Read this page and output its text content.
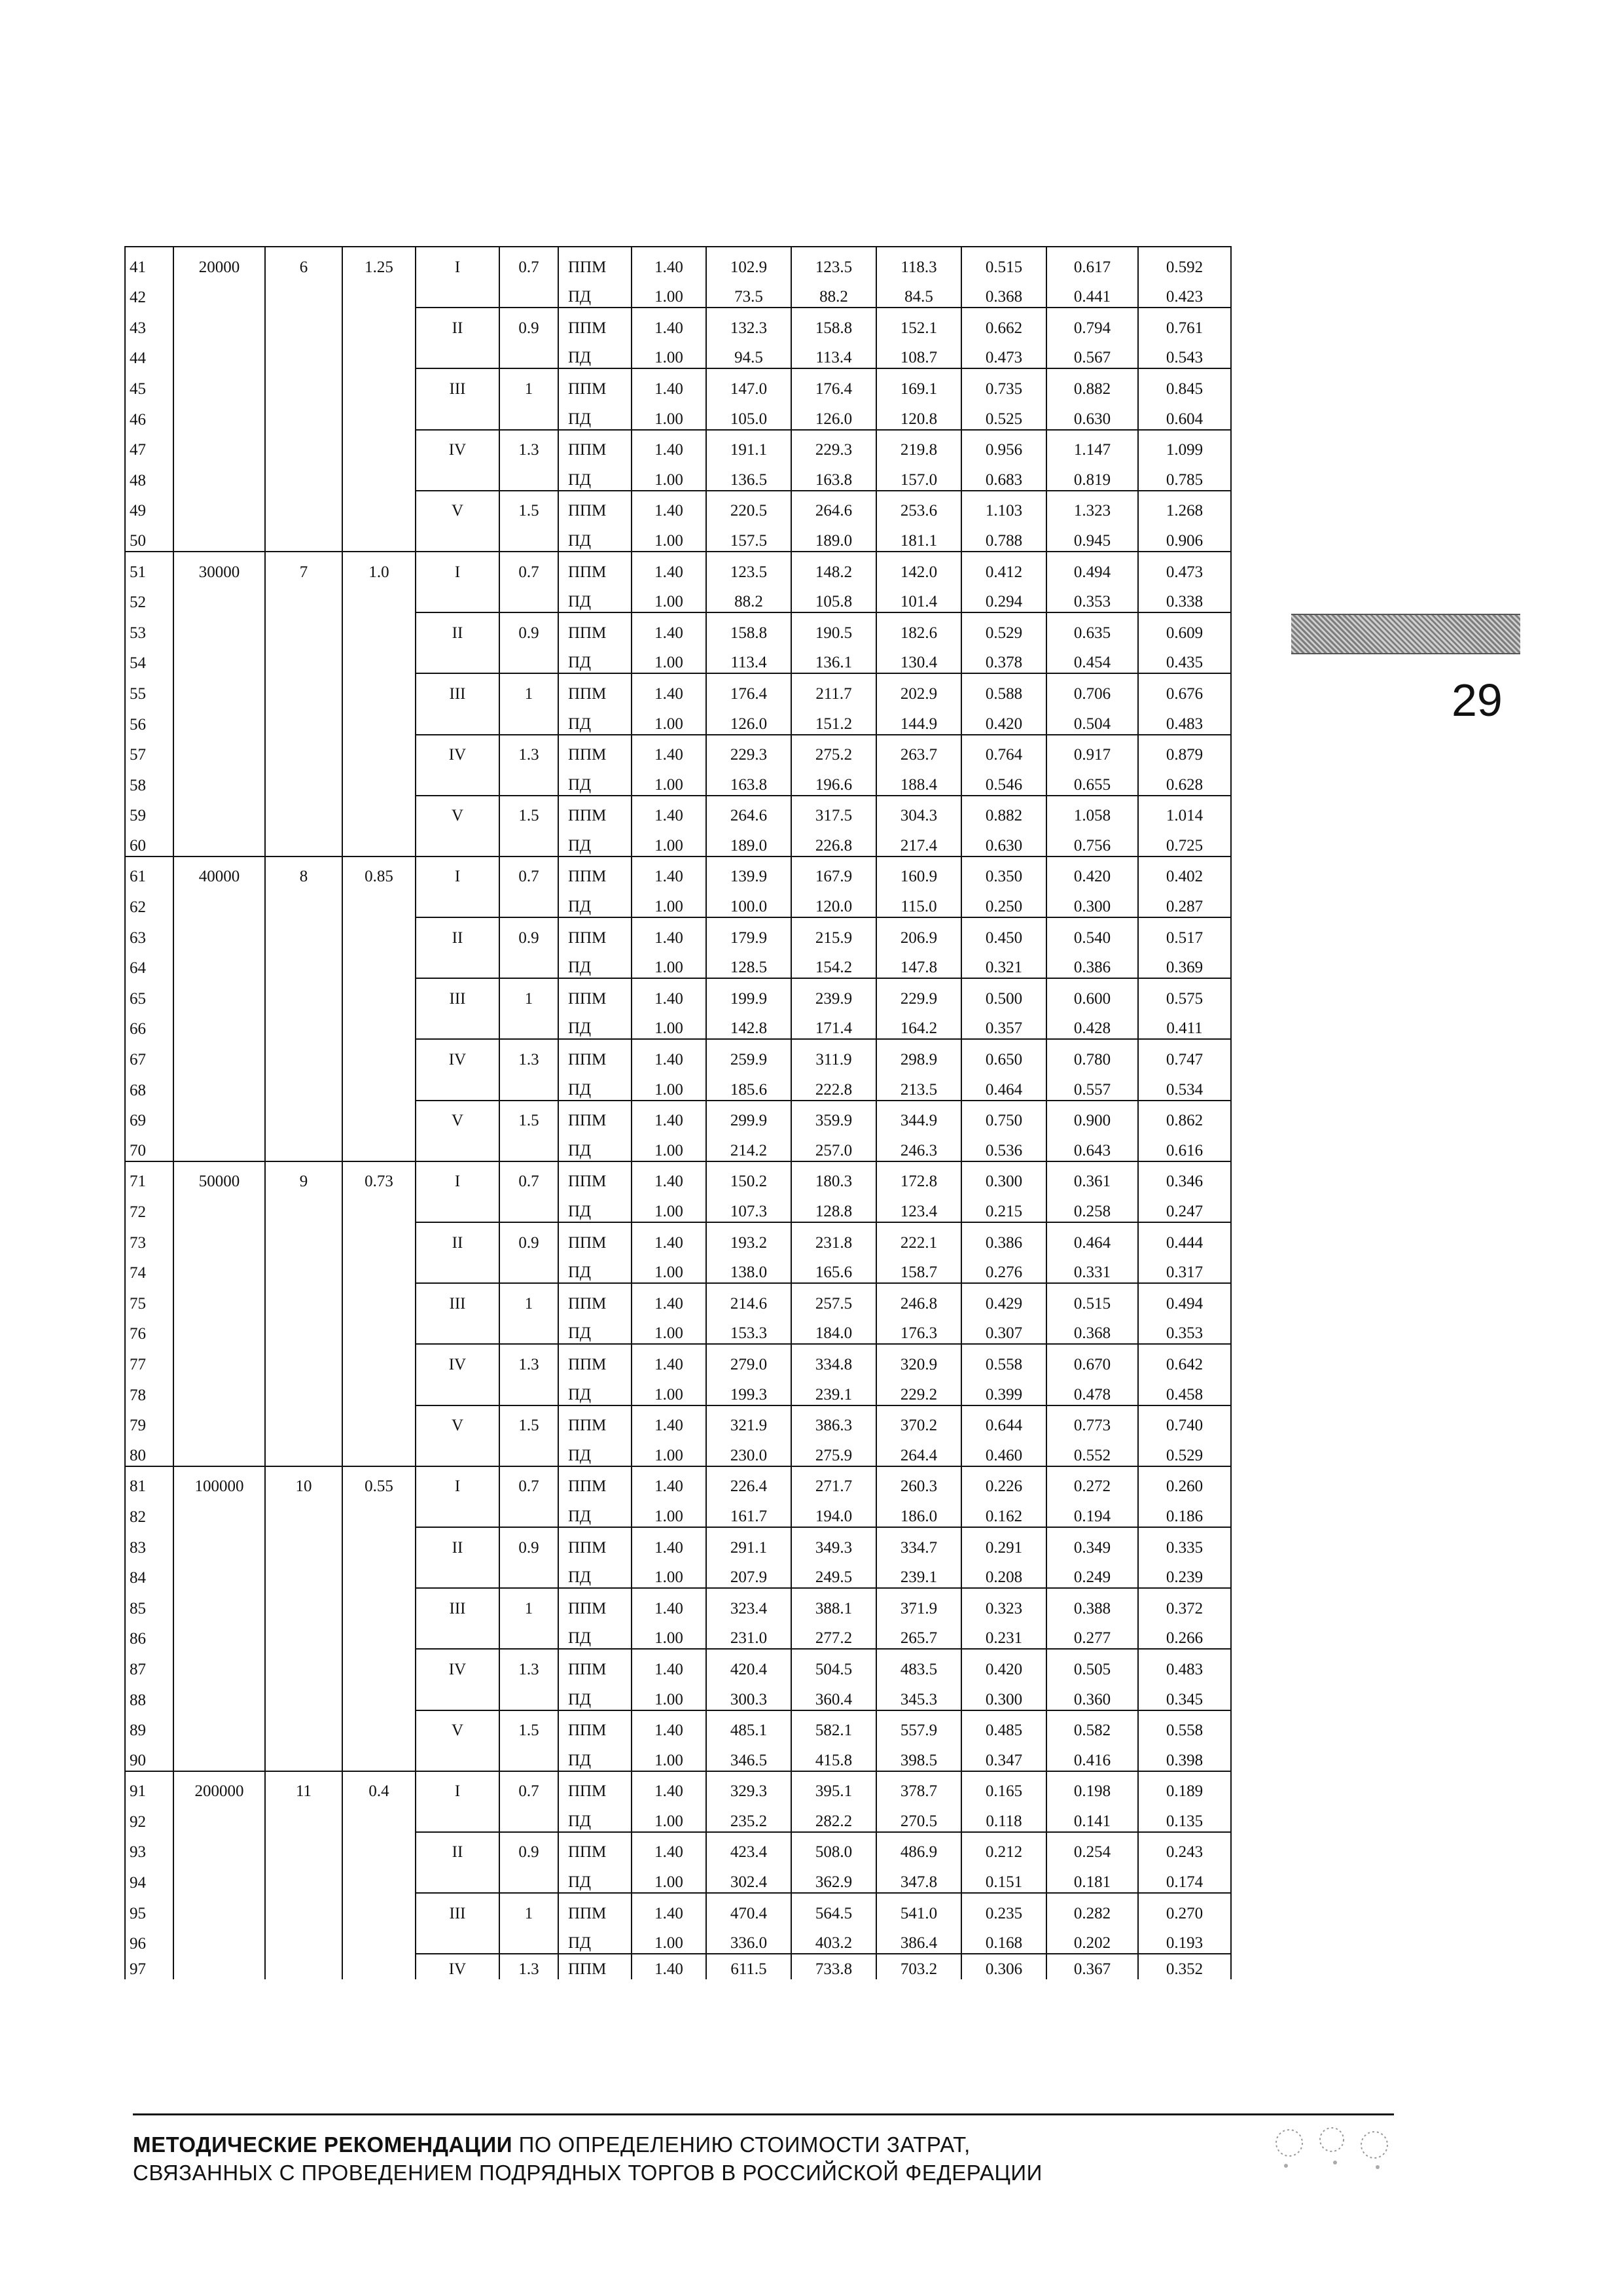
41	20000	6	1.25	I	0.7	ППМ	1.40	102.9	123.5	118.3	0.515	0.617	0.592
42						ПД	1.00	73.5	88.2	84.5	0.368	0.441	0.423
43				II	0.9	ППМ	1.40	132.3	158.8	152.1	0.662	0.794	0.761
44						ПД	1.00	94.5	113.4	108.7	0.473	0.567	0.543
45				III	1	ППМ	1.40	147.0	176.4	169.1	0.735	0.882	0.845
46						ПД	1.00	105.0	126.0	120.8	0.525	0.630	0.604
47				IV	1.3	ППМ	1.40	191.1	229.3	219.8	0.956	1.147	1.099
48						ПД	1.00	136.5	163.8	157.0	0.683	0.819	0.785
49				V	1.5	ППМ	1.40	220.5	264.6	253.6	1.103	1.323	1.268
50						ПД	1.00	157.5	189.0	181.1	0.788	0.945	0.906
51	30000	7	1.0	I	0.7	ППМ	1.40	123.5	148.2	142.0	0.412	0.494	0.473
52						ПД	1.00	88.2	105.8	101.4	0.294	0.353	0.338
53				II	0.9	ППМ	1.40	158.8	190.5	182.6	0.529	0.635	0.609
54						ПД	1.00	113.4	136.1	130.4	0.378	0.454	0.435
55				III	1	ППМ	1.40	176.4	211.7	202.9	0.588	0.706	0.676
56						ПД	1.00	126.0	151.2	144.9	0.420	0.504	0.483
57				IV	1.3	ППМ	1.40	229.3	275.2	263.7	0.764	0.917	0.879
58						ПД	1.00	163.8	196.6	188.4	0.546	0.655	0.628
59				V	1.5	ППМ	1.40	264.6	317.5	304.3	0.882	1.058	1.014
60						ПД	1.00	189.0	226.8	217.4	0.630	0.756	0.725
61	40000	8	0.85	I	0.7	ППМ	1.40	139.9	167.9	160.9	0.350	0.420	0.402
62						ПД	1.00	100.0	120.0	115.0	0.250	0.300	0.287
63				II	0.9	ППМ	1.40	179.9	215.9	206.9	0.450	0.540	0.517
64						ПД	1.00	128.5	154.2	147.8	0.321	0.386	0.369
65				III	1	ППМ	1.40	199.9	239.9	229.9	0.500	0.600	0.575
66						ПД	1.00	142.8	171.4	164.2	0.357	0.428	0.411
67				IV	1.3	ППМ	1.40	259.9	311.9	298.9	0.650	0.780	0.747
68						ПД	1.00	185.6	222.8	213.5	0.464	0.557	0.534
69				V	1.5	ППМ	1.40	299.9	359.9	344.9	0.750	0.900	0.862
70						ПД	1.00	214.2	257.0	246.3	0.536	0.643	0.616
71	50000	9	0.73	I	0.7	ППМ	1.40	150.2	180.3	172.8	0.300	0.361	0.346
72						ПД	1.00	107.3	128.8	123.4	0.215	0.258	0.247
73				II	0.9	ППМ	1.40	193.2	231.8	222.1	0.386	0.464	0.444
74						ПД	1.00	138.0	165.6	158.7	0.276	0.331	0.317
75				III	1	ППМ	1.40	214.6	257.5	246.8	0.429	0.515	0.494
76						ПД	1.00	153.3	184.0	176.3	0.307	0.368	0.353
77				IV	1.3	ППМ	1.40	279.0	334.8	320.9	0.558	0.670	0.642
78						ПД	1.00	199.3	239.1	229.2	0.399	0.478	0.458
79				V	1.5	ППМ	1.40	321.9	386.3	370.2	0.644	0.773	0.740
80						ПД	1.00	230.0	275.9	264.4	0.460	0.552	0.529
81	100000	10	0.55	I	0.7	ППМ	1.40	226.4	271.7	260.3	0.226	0.272	0.260
82						ПД	1.00	161.7	194.0	186.0	0.162	0.194	0.186
83				II	0.9	ППМ	1.40	291.1	349.3	334.7	0.291	0.349	0.335
84						ПД	1.00	207.9	249.5	239.1	0.208	0.249	0.239
85				III	1	ППМ	1.40	323.4	388.1	371.9	0.323	0.388	0.372
86						ПД	1.00	231.0	277.2	265.7	0.231	0.277	0.266
87				IV	1.3	ППМ	1.40	420.4	504.5	483.5	0.420	0.505	0.483
88						ПД	1.00	300.3	360.4	345.3	0.300	0.360	0.345
89				V	1.5	ППМ	1.40	485.1	582.1	557.9	0.485	0.582	0.558
90						ПД	1.00	346.5	415.8	398.5	0.347	0.416	0.398
91	200000	11	0.4	I	0.7	ППМ	1.40	329.3	395.1	378.7	0.165	0.198	0.189
92						ПД	1.00	235.2	282.2	270.5	0.118	0.141	0.135
93				II	0.9	ППМ	1.40	423.4	508.0	486.9	0.212	0.254	0.243
94						ПД	1.00	302.4	362.9	347.8	0.151	0.181	0.174
95				III	1	ППМ	1.40	470.4	564.5	541.0	0.235	0.282	0.270
96						ПД	1.00	336.0	403.2	386.4	0.168	0.202	0.193
97				IV	1.3	ППМ	1.40	611.5	733.8	703.2	0.306	0.367	0.352
29
МЕТОДИЧЕСКИЕ РЕКОМЕНДАЦИИ ПО ОПРЕДЕЛЕНИЮ СТОИМОСТИ ЗАТРАТ,
СВЯЗАННЫХ С ПРОВЕДЕНИЕМ ПОДРЯДНЫХ ТОРГОВ В РОССИЙСКОЙ ФЕДЕРАЦИИ
